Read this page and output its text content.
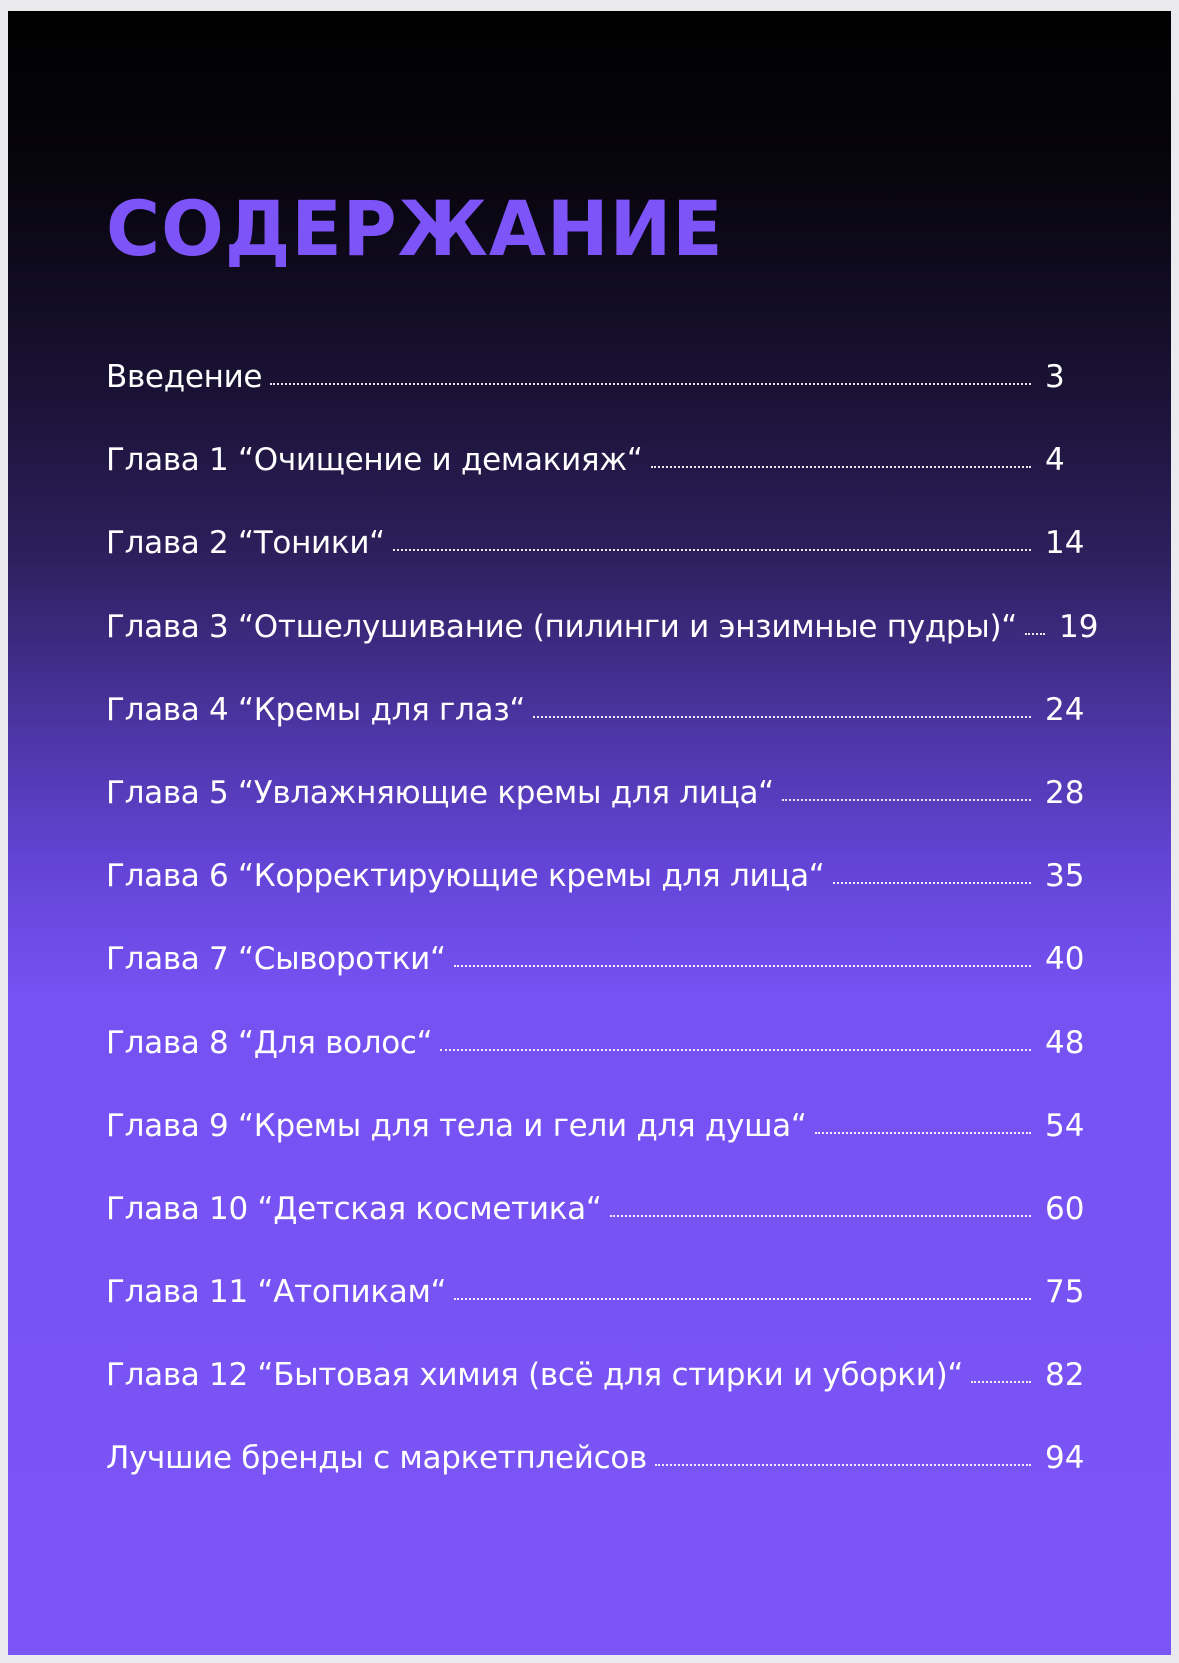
СОДЕРЖАНИЕ
Введение	3
Глава 1 “Очищение и демакияж“	4
Глава 2 “Тоники“	14
Глава 3 “Отшелушивание (пилинги и энзимные пудры)“ 19
Глава 4 “Кремы для глаз“	24
Глава 5 “Увлажняющие кремы для лица“	28
Глава 6 “Корректирующие кремы для лица“	35
Глава 7 “Сыворотки“	40
Глава 8 “Для волос“	48
Глава 9 “Кремы для тела и гели для душа“	54
Глава 10 “Детская косметика“	60
Глава 11 “Атопикам“	75
Глава 12 “Бытовая химия (всё для стирки и уборки)“	82
Лучшие бренды с маркетплейсов	94
